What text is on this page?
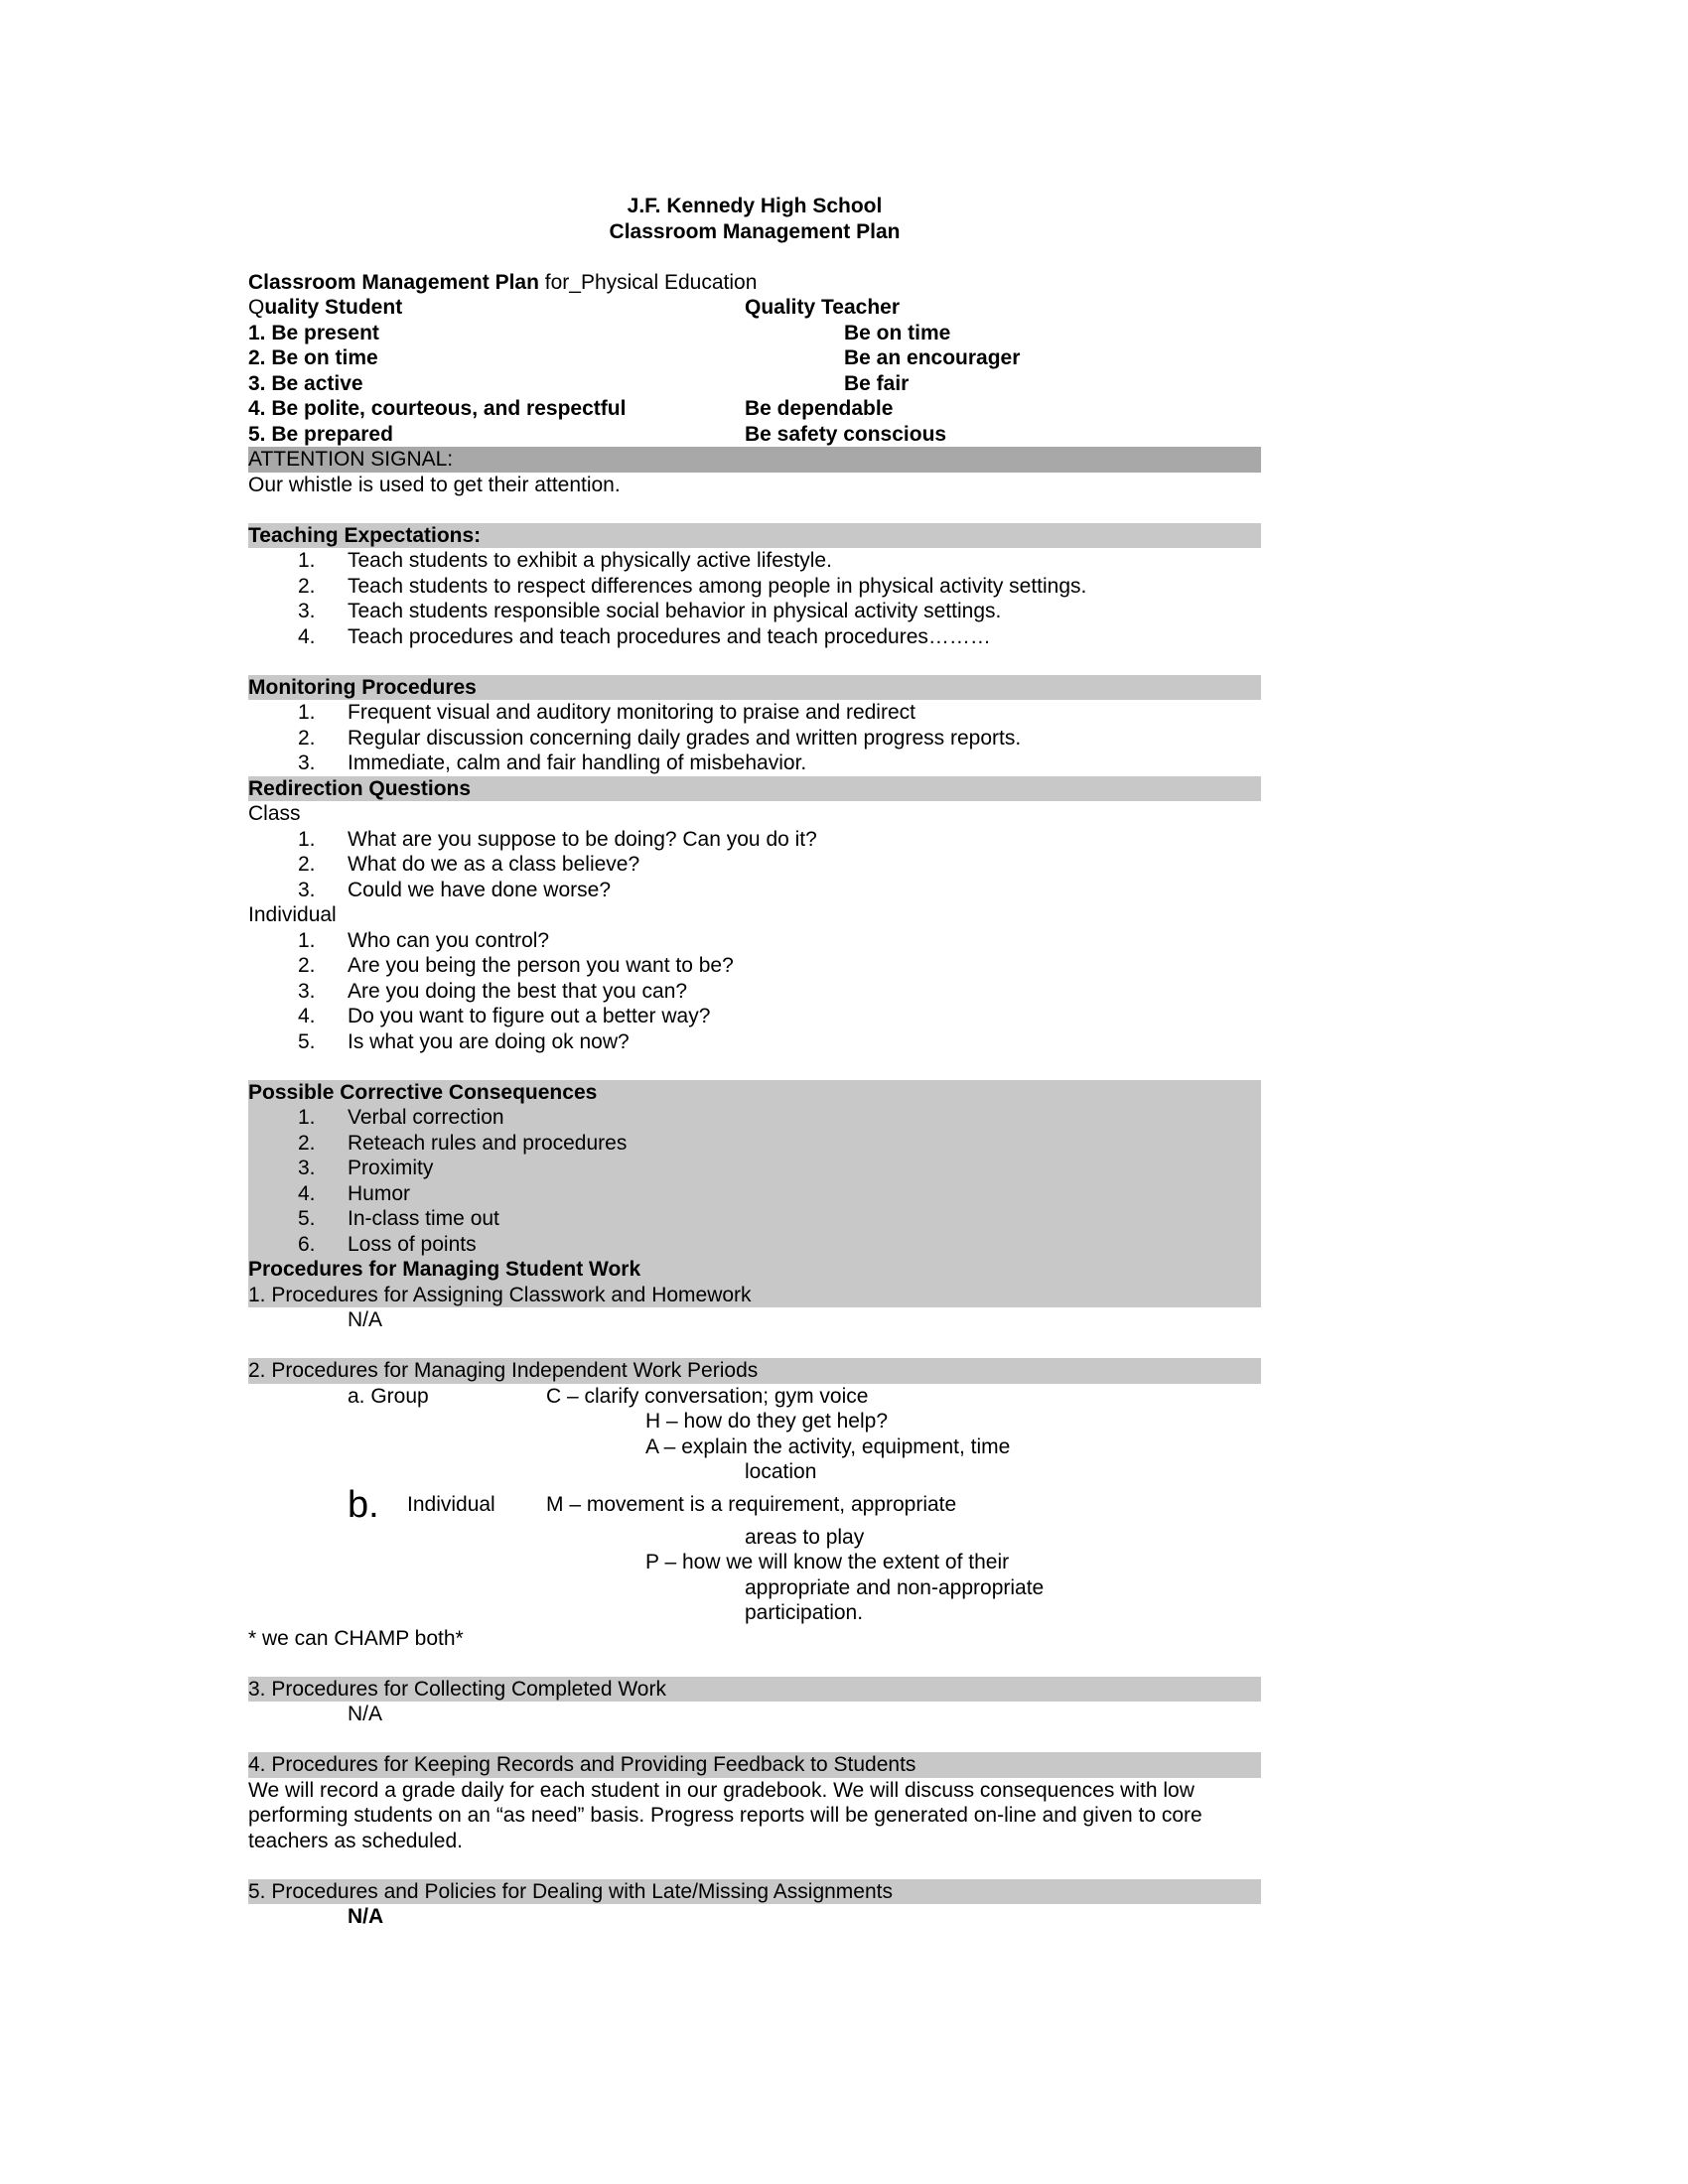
J.F. Kennedy High School
Classroom Management Plan
Classroom Management Plan for_Physical Education
Quality Student	Quality Teacher
1. Be present	Be on time
2. Be on time	Be an encourager
3. Be active	Be fair
4. Be polite, courteous, and respectful	Be dependable
5. Be prepared	Be safety conscious
ATTENTION SIGNAL:
Our whistle is used to get their attention.
Teaching Expectations:
1. Teach students to exhibit a physically active lifestyle.
2. Teach students to respect differences among people in physical activity settings.
3. Teach students responsible social behavior in physical activity settings.
4. Teach procedures and teach procedures and teach procedures………
Monitoring Procedures
1. Frequent visual and auditory monitoring to praise and redirect
2. Regular discussion concerning daily grades and written progress reports.
3. Immediate, calm and fair handling of misbehavior.
Redirection Questions
Class
1. What are you suppose to be doing? Can you do it?
2. What do we as a class believe?
3. Could we have done worse?
Individual
1. Who can you control?
2. Are you being the person you want to be?
3. Are you doing the best that you can?
4. Do you want to figure out a better way?
5. Is what you are doing ok now?
Possible Corrective Consequences
1. Verbal correction
2. Reteach rules and procedures
3. Proximity
4. Humor
5. In-class time out
6. Loss of points
Procedures for Managing Student Work
1. Procedures for Assigning Classwork and Homework
N/A
2. Procedures for Managing Independent Work Periods
a. Group	C – clarify conversation; gym voice
H – how do they get help?
A – explain the activity, equipment, time
location
b. Individual M – movement is a requirement, appropriate
areas to play
P – how we will know the extent of their
appropriate and non-appropriate
participation.
* we can CHAMP both*
3. Procedures for Collecting Completed Work
N/A
4. Procedures for Keeping Records and Providing Feedback to Students
We will record a grade daily for each student in our gradebook. We will discuss consequences with low performing students on an “as need” basis. Progress reports will be generated on-line and given to core teachers as scheduled.
5. Procedures and Policies for Dealing with Late/Missing Assignments
N/A
